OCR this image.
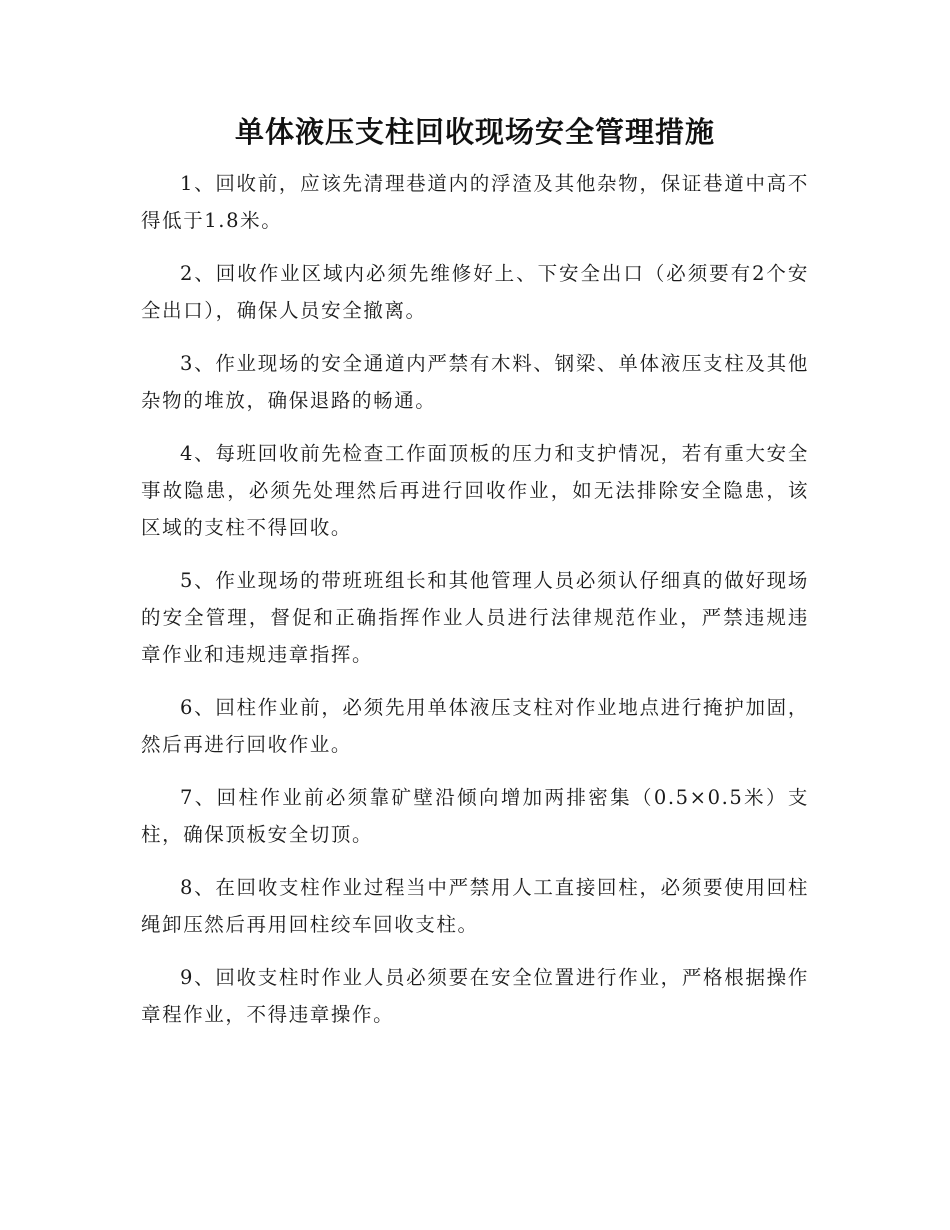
单体液压支柱回收现场安全管理措施

1、回收前，应该先清理巷道内的浮渣及其他杂物，保证巷道中高不得低于1.8米。

2、回收作业区域内必须先维修好上、下安全出口（必须要有2个安全出口），确保人员安全撤离。

3、作业现场的安全通道内严禁有木料、钢梁、单体液压支柱及其他杂物的堆放，确保退路的畅通。

4、每班回收前先检查工作面顶板的压力和支护情况，若有重大安全事故隐患，必须先处理然后再进行回收作业，如无法排除安全隐患，该区域的支柱不得回收。

5、作业现场的带班班组长和其他管理人员必须认仔细真的做好现场的安全管理，督促和正确指挥作业人员进行法律规范作业，严禁违规违章作业和违规违章指挥。

6、回柱作业前，必须先用单体液压支柱对作业地点进行掩护加固，然后再进行回收作业。

7、回柱作业前必须靠矿壁沿倾向增加两排密集（0.5×0.5米）支柱，确保顶板安全切顶。

8、在回收支柱作业过程当中严禁用人工直接回柱，必须要使用回柱绳卸压然后再用回柱绞车回收支柱。

9、回收支柱时作业人员必须要在安全位置进行作业，严格根据操作章程作业，不得违章操作。
